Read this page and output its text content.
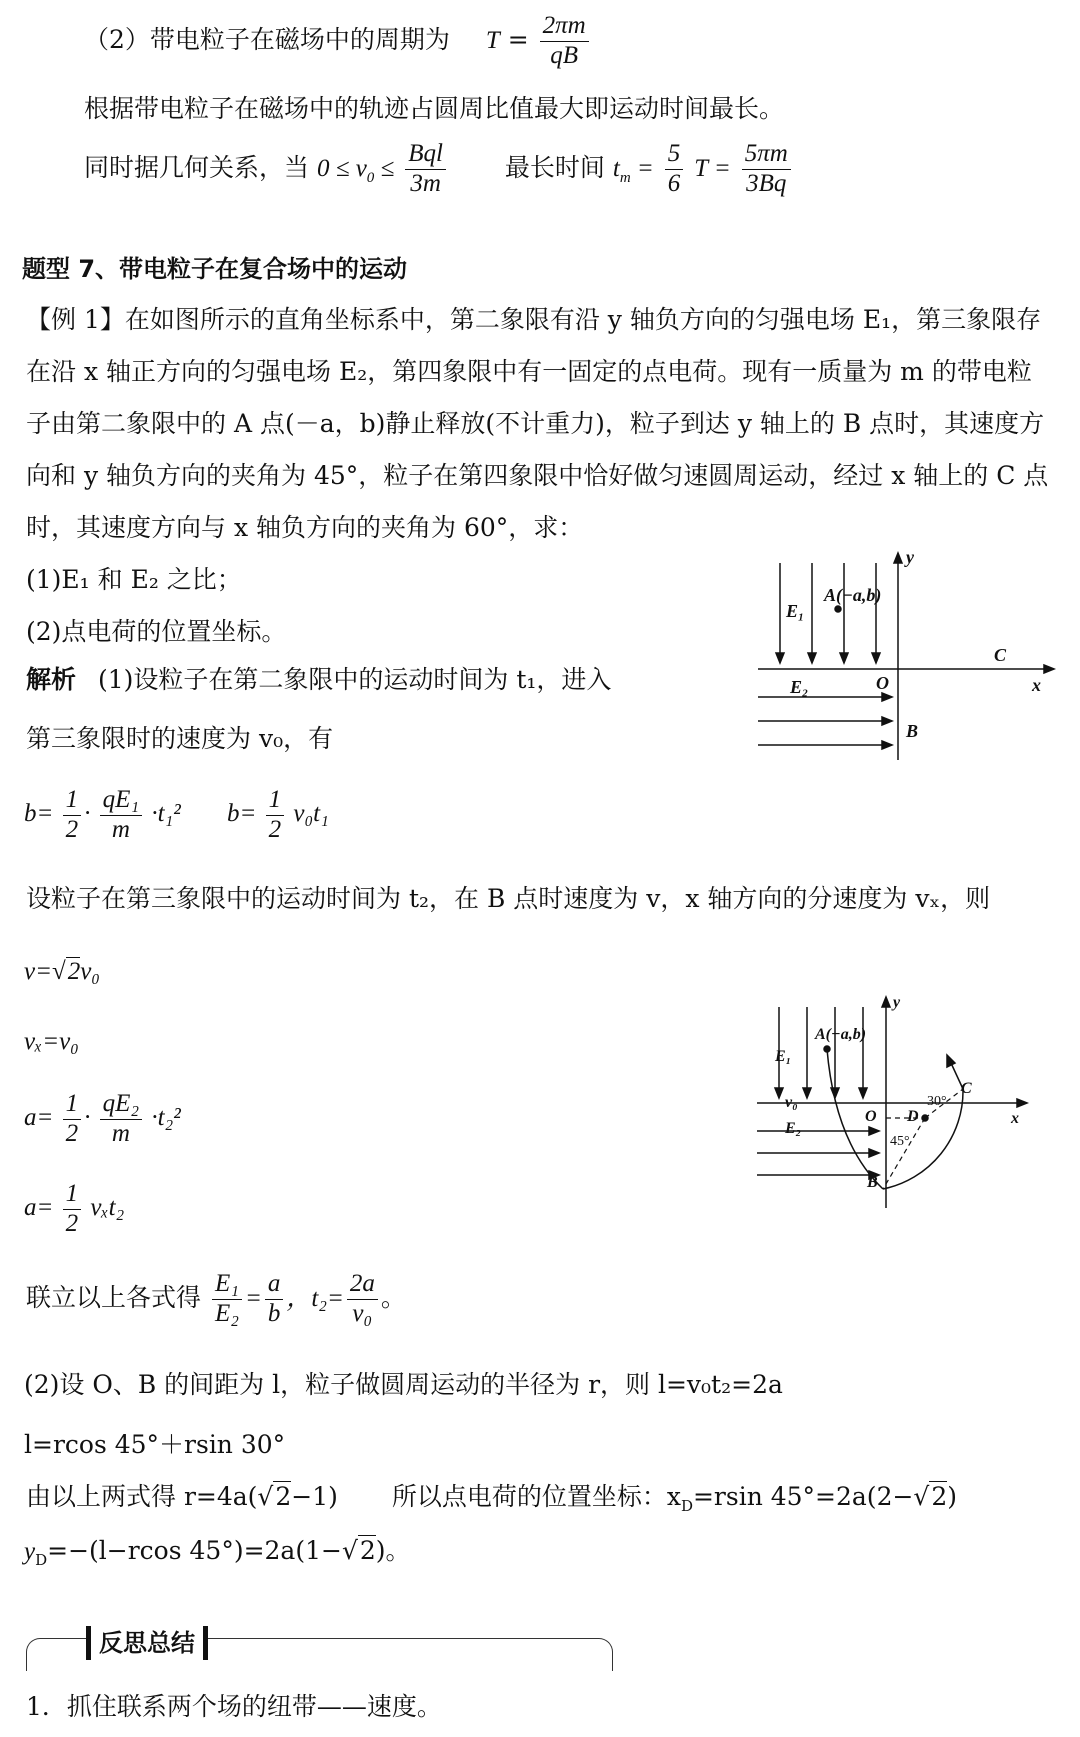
（2）带电粒子在磁场中的周期为 $T = \frac{2\pi m}{qB}$
根据带电粒子在磁场中的轨迹占圆周比值最大即运动时间最长。
同时据几何关系，当 $0 \le v_0 \le \frac{\text{Bql}}{3m}$ 最长时间 $t_m = \frac{5}{6}$ $T = \frac{5\pi m}{3Bq}$
题型 7、带电粒子在复合场中的运动
【例 1】在如图所示的直角坐标系中，第二象限有沿 y 轴负方向的匀强电场 E₁，第三象限存
在沿 x 轴正方向的匀强电场 E₂，第四象限中有一固定的点电荷。现有一质量为 m 的带电粒
子由第二象限中的 A 点(－a，b)静止释放(不计重力)，粒子到达 y 轴上的 B 点时，其速度方
向和 y 轴负方向的夹角为 45°，粒子在第四象限中恰好做匀速圆周运动，经过 x 轴上的 C 点
时，其速度方向与 x 轴负方向的夹角为 60°，求：
(1)E₁ 和 E₂ 之比；
(2)点电荷的位置坐标。
y
x
O
C
B
A(−a,b)
E₁
E₂
解析 (1)设粒子在第二象限中的运动时间为 t₁，进入
第三象限时的速度为 v₀，有
$b= \frac{1}{2} \cdot \frac{\text{qE₁}}{m} \cdot t_1^2$ $b= \frac{1}{2} v_0t_1$
设粒子在第三象限中的运动时间为 t₂，在 B 点时速度为 v，x 轴方向的分速度为 vₓ，则
v=√2v₀
vₓ=v₀
$a= \frac{1}{2} \cdot \frac{\text{qE₂}}{m} \cdot t_2^2$
$a= \frac{1}{2} v_xt_2$
联立以上各式得 $\frac{\text{E₁}}{\text{E₂}} = \frac{a}{b}$ ，$t_2= \frac{2a}{\text{v₀}}$ 。
(2)设 O、B 的间距为 l，粒子做圆周运动的半径为 r，则 l=v₀t₂=2a
l=rcos 45°＋rsin 30°
由以上两式得 r=4a(√2−1) 所以点电荷的位置坐标：$x_D=rsin$ 45°=2a(2−√2)
$y_D=-(l-rcos$ 45°)=2a(1−√2)。
y
x
O
C
v₀
A(−a,b)
E₁
E₂
D
B
30°
45°
反思总结
1．抓住联系两个场的纽带——速度。
